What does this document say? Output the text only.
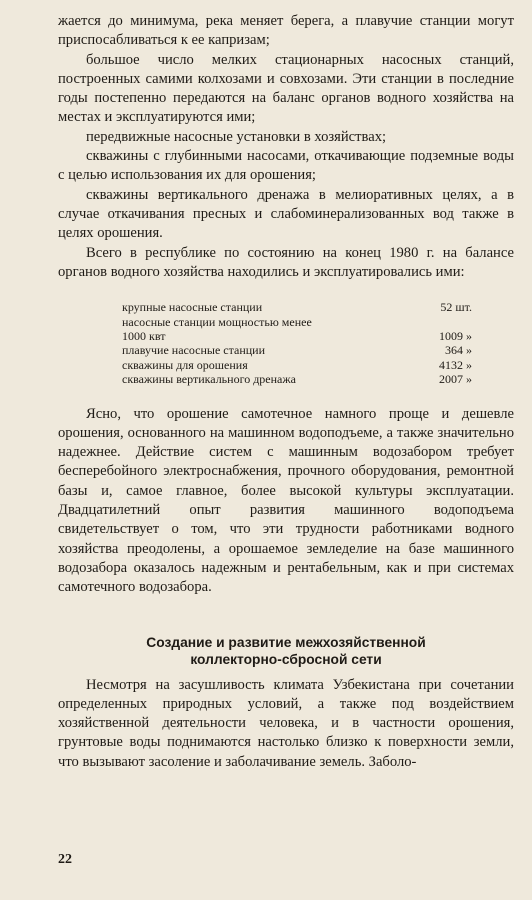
жается до минимума, река меняет берега, а плавучие станции могут приспосабливаться к ее капризам;

большое число мелких стационарных насосных станций, построенных самими колхозами и совхозами. Эти станции в последние годы постепенно передаются на баланс органов водного хозяйства на местах и эксплуатируются ими;

передвижные насосные установки в хозяйствах;

скважины с глубинными насосами, откачивающие подземные воды с целью использования их для орошения;

скважины вертикального дренажа в мелиоративных целях, а в случае откачивания пресных и слабоминерализованных вод также в целях орошения.

Всего в республике по состоянию на конец 1980 г. на балансе органов водного хозяйства находились и эксплуатировались ими:

крупные насосные станции	52 шт.
насосные станции мощностью менее
1000 квт	1009 »
плавучие насосные станции	364 »
скважины для орошения	4132 »
скважины вертикального дренажа	2007 »

Ясно, что орошение самотечное намного проще и дешевле орошения, основанного на машинном водоподъеме, а также значительно надежнее. Действие систем с машинным водозабором требует бесперебойного электроснабжения, прочного оборудования, ремонтной базы и, самое главное, более высокой культуры эксплуатации. Двадцатилетний опыт развития машинного водоподъема свидетельствует о том, что эти трудности работниками водного хозяйства преодолены, а орошаемое земледелие на базе машинного водозабора оказалось надежным и рентабельным, как и при системах самотечного водозабора.

Создание и развитие межхозяйственной
коллекторно-сбросной сети

Несмотря на засушливость климата Узбекистана при сочетании определенных природных условий, а также под воздействием хозяйственной деятельности человека, и в частности орошения, грунтовые воды поднимаются настолько близко к поверхности земли, что вызывают засоление и заболачивание земель. Заболо-

22
